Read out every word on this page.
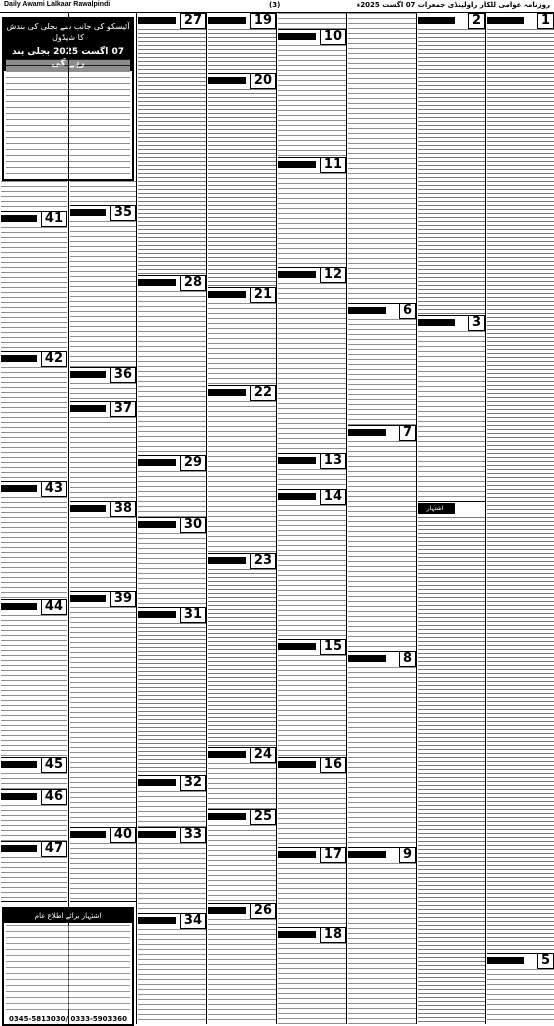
Daily Awami Lalkaar Rawalpindi	(3)	روزنامہ عوامی للکار راولپنڈی جمعرات 07 اگست 2025ء
41
42
43
44
45
46
47
آئیسکو کی جانب سے بجلی کی بندش کا شیڈول
07 اگست 2025 بجلی بند
35
36
37
38
39
40
اشتہار برائے اطلاع عام
0345-5813030/ 0333-5903360
27
28
29
30
31
32
33
34
19
20
21
22
23
24
25
26
10
11
12
13
14
15
16
17
18
6
7
8
9
2
3
اشتہار
1
5
